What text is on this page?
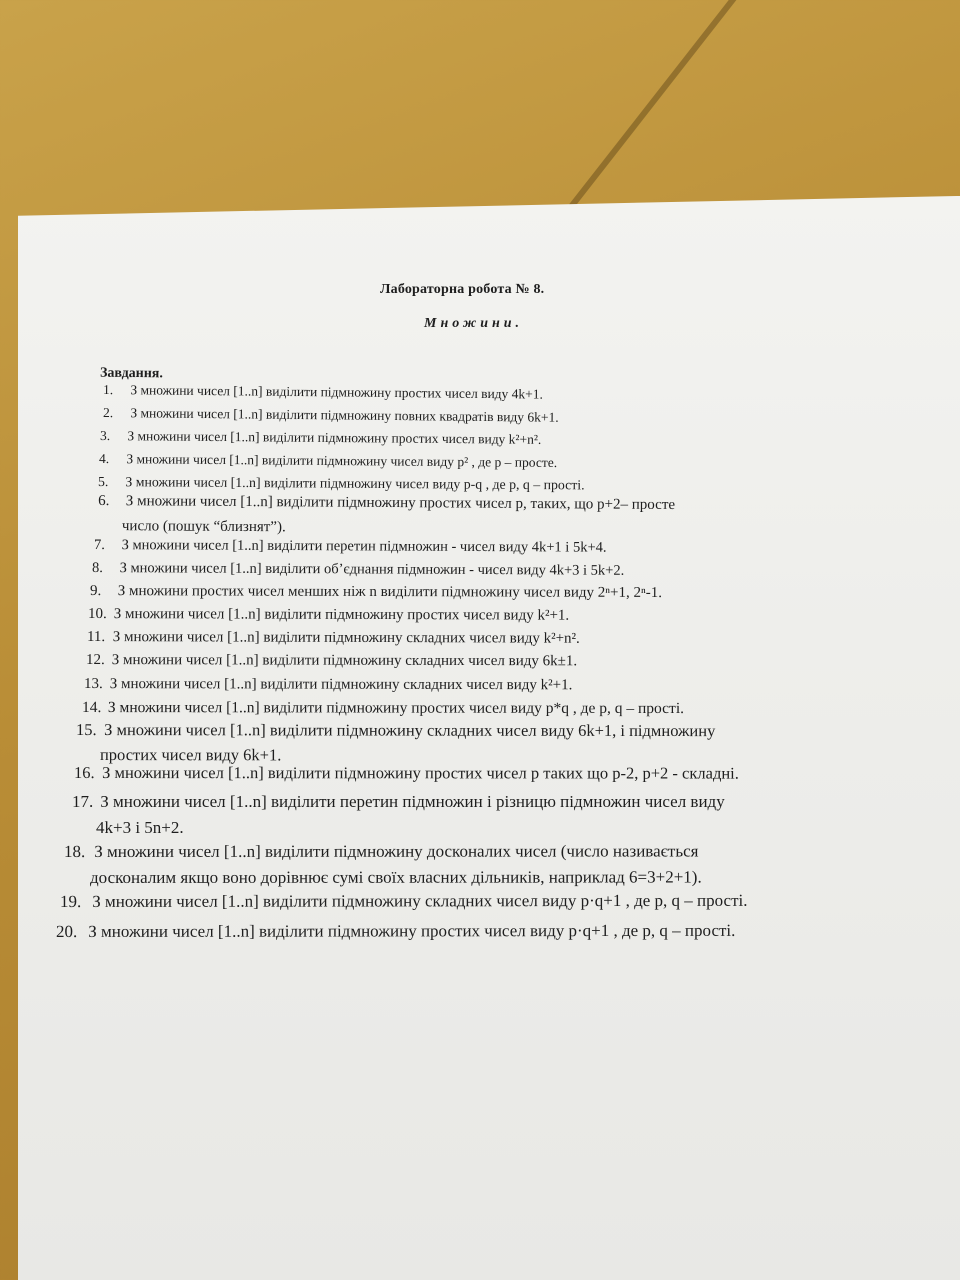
Лабораторна робота № 8.
Множини.
Завдання.
1. З множини чисел [1..n] виділити підмножину простих чисел виду 4k+1.
2. З множини чисел [1..n] виділити підмножину повних квадратів виду 6k+1.
3. З множини чисел [1..n] виділити підмножину простих чисел виду k²+n².
4. З множини чисел [1..n] виділити підмножину чисел виду p² , де p – просте.
5. З множини чисел [1..n] виділити підмножину чисел виду p-q , де p, q – прості.
6. З множини чисел [1..n] виділити підмножину простих чисел p, таких, що p+2– просте
число (пошук “близнят”).
7. З множини чисел [1..n] виділити перетин підмножин - чисел виду 4k+1 і 5k+4.
8. З множини чисел [1..n] виділити об’єднання підмножин - чисел виду 4k+3 і 5k+2.
9. З множини простих чисел менших ніж n виділити підмножину чисел виду 2ⁿ+1, 2ⁿ-1.
10. З множини чисел [1..n] виділити підмножину простих чисел виду k²+1.
11. З множини чисел [1..n] виділити підмножину складних чисел виду k²+n².
12. З множини чисел [1..n] виділити підмножину складних чисел виду 6k±1.
13. З множини чисел [1..n] виділити підмножину складних чисел виду k²+1.
14. З множини чисел [1..n] виділити підмножину простих чисел виду p*q , де p, q – прості.
15. З множини чисел [1..n] виділити підмножину складних чисел виду 6k+1, і підмножину
простих чисел виду 6k+1.
16. З множини чисел [1..n] виділити підмножину простих чисел p таких що p-2, p+2 - складні.
17. З множини чисел [1..n] виділити перетин підмножин і різницю підмножин чисел виду
4k+3 і 5n+2.
18. З множини чисел [1..n] виділити підмножину досконалих чисел (число називається
досконалим якщо воно дорівнює сумі своїх власних дільників, наприклад 6=3+2+1).
19. З множини чисел [1..n] виділити підмножину складних чисел виду p·q+1 , де p, q – прості.
20. З множини чисел [1..n] виділити підмножину простих чисел виду p·q+1 , де p, q – прості.
